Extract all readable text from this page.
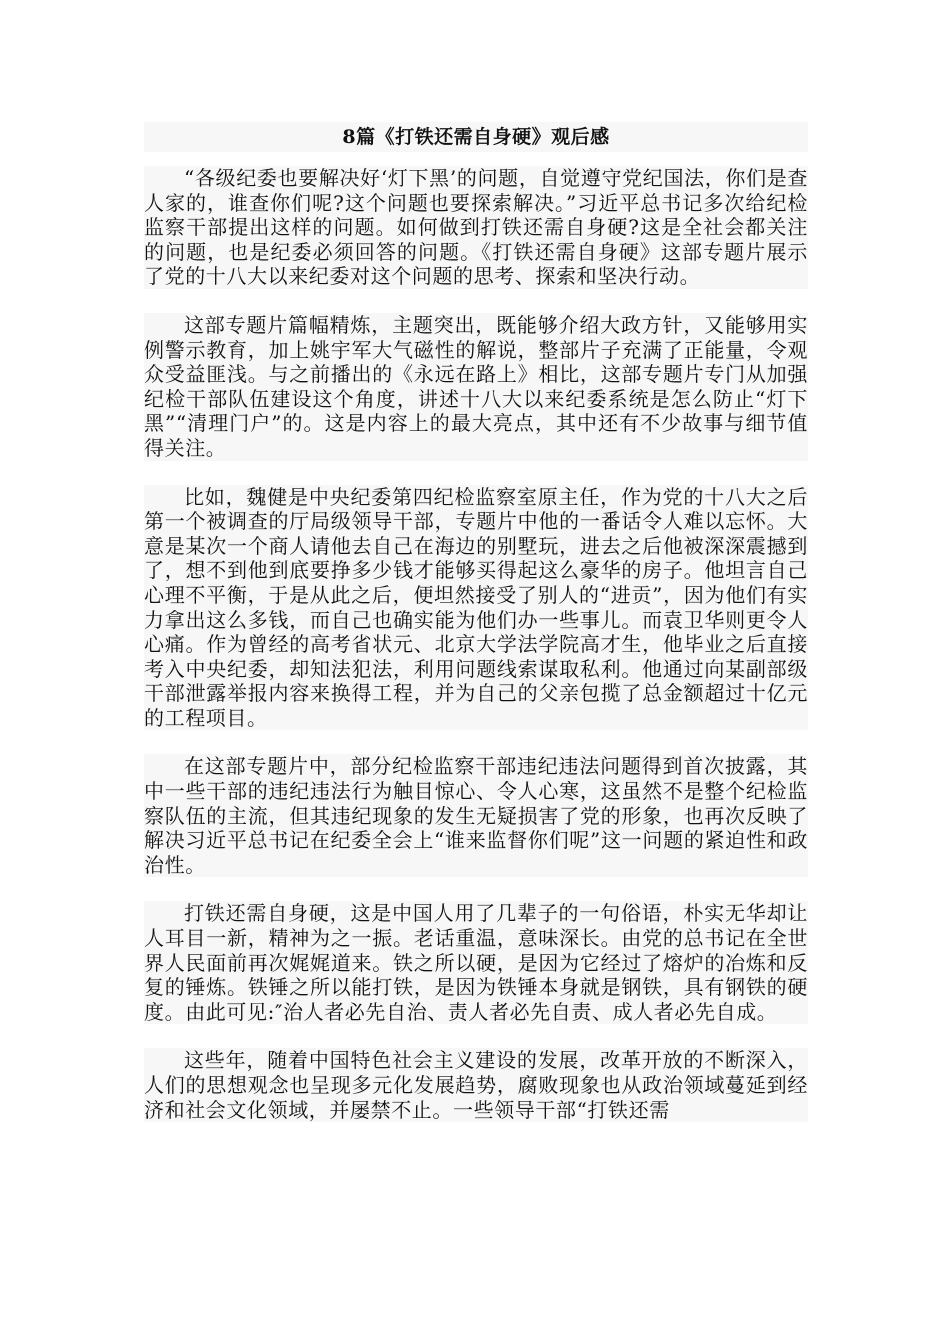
8篇《打铁还需自身硬》观后感

“各级纪委也要解决好‘灯下黑’的问题，自觉遵守党纪国法，你们是查人家的，谁查你们呢?这个问题也要探索解决。”习近平总书记多次给纪检监察干部提出这样的问题。如何做到打铁还需自身硬?这是全社会都关注的问题，也是纪委必须回答的问题。《打铁还需自身硬》这部专题片展示了党的十八大以来纪委对这个问题的思考、探索和坚决行动。

这部专题片篇幅精炼，主题突出，既能够介绍大政方针，又能够用实例警示教育，加上姚宇军大气磁性的解说，整部片子充满了正能量，令观众受益匪浅。与之前播出的《永远在路上》相比，这部专题片专门从加强纪检干部队伍建设这个角度，讲述十八大以来纪委系统是怎么防止“灯下黑”“清理门户”的。这是内容上的最大亮点，其中还有不少故事与细节值得关注。

比如，魏健是中央纪委第四纪检监察室原主任，作为党的十八大之后第一个被调查的厅局级领导干部，专题片中他的一番话令人难以忘怀。大意是某次一个商人请他去自己在海边的别墅玩，进去之后他被深深震撼到了，想不到他到底要挣多少钱才能够买得起这么豪华的房子。他坦言自己心理不平衡，于是从此之后，便坦然接受了别人的“进贡”，因为他们有实力拿出这么多钱，而自己也确实能为他们办一些事儿。而袁卫华则更令人心痛。作为曾经的高考省状元、北京大学法学院高才生，他毕业之后直接考入中央纪委，却知法犯法，利用问题线索谋取私利。他通过向某副部级干部泄露举报内容来换得工程，并为自己的父亲包揽了总金额超过十亿元的工程项目。

在这部专题片中，部分纪检监察干部违纪违法问题得到首次披露，其中一些干部的违纪违法行为触目惊心、令人心寒，这虽然不是整个纪检监察队伍的主流，但其违纪现象的发生无疑损害了党的形象，也再次反映了解决习近平总书记在纪委全会上“谁来监督你们呢”这一问题的紧迫性和政治性。

打铁还需自身硬，这是中国人用了几辈子的一句俗语，朴实无华却让人耳目一新，精神为之一振。老话重温，意味深长。由党的总书记在全世界人民面前再次娓娓道来。铁之所以硬，是因为它经过了熔炉的冶炼和反复的锤炼。铁锤之所以能打铁，是因为铁锤本身就是钢铁，具有钢铁的硬度。由此可见:″治人者必先自治、责人者必先自责、成人者必先自成。

这些年，随着中国特色社会主义建设的发展，改革开放的不断深入，人们的思想观念也呈现多元化发展趋势，腐败现象也从政治领域蔓延到经济和社会文化领域，并屡禁不止。一些领导干部“打铁还需
